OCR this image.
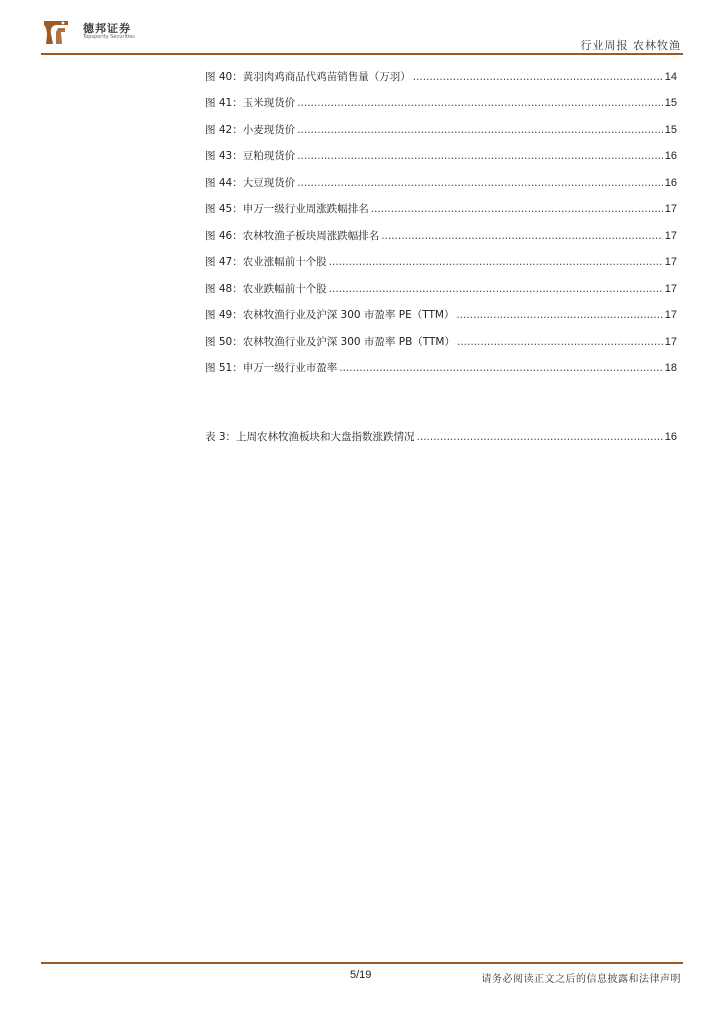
德邦证券
Topsperity Securities
行业周报 农林牧渔
图 40：黄羽肉鸡商品代鸡苗销售量（万羽） .....	14
图 41：玉米现货价 .....	15
图 42：小麦现货价 .....	15
图 43：豆粕现货价 .....	16
图 44：大豆现货价 .....	16
图 45：申万一级行业周涨跌幅排名 .....	17
图 46：农林牧渔子板块周涨跌幅排名 .....	17
图 47：农业涨幅前十个股 .....	17
图 48：农业跌幅前十个股 .....	17
图 49：农林牧渔行业及沪深 300 市盈率 PE（TTM） .....	17
图 50：农林牧渔行业及沪深 300 市盈率 PB（TTM） .....	17
图 51：申万一级行业市盈率 .....	18
表 3：上周农林牧渔板块和大盘指数涨跌情况 .....	16
5/19	请务必阅读正文之后的信息披露和法律声明
